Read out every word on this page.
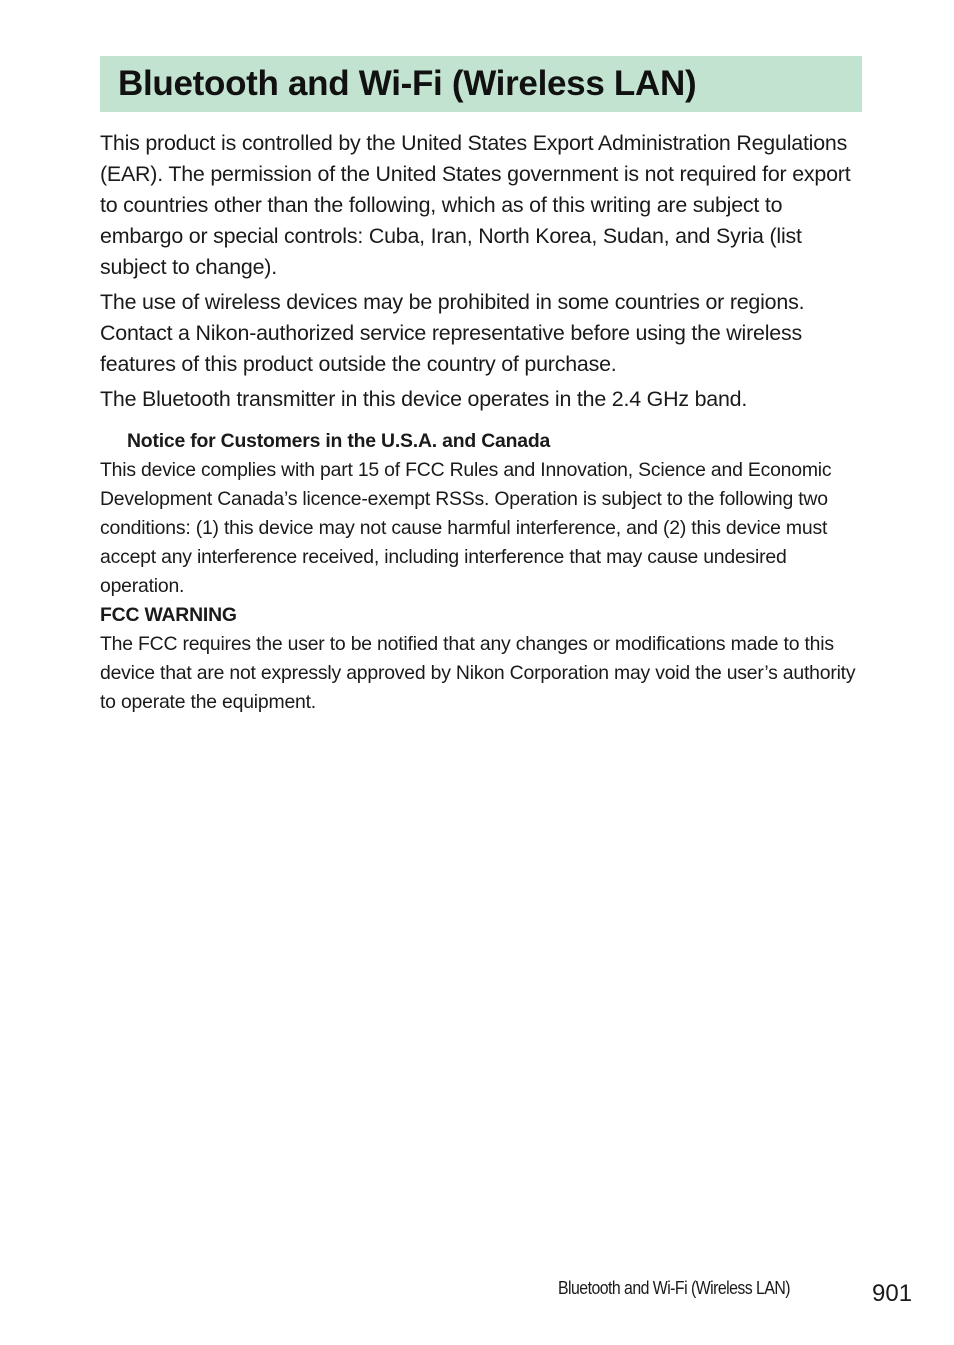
Bluetooth and Wi-Fi (Wireless LAN)

This product is controlled by the United States Export Administration Regulations (EAR). The permission of the United States government is not required for export to countries other than the following, which as of this writing are subject to embargo or special controls: Cuba, Iran, North Korea, Sudan, and Syria (list subject to change).

The use of wireless devices may be prohibited in some countries or regions. Contact a Nikon-authorized service representative before using the wireless features of this product outside the country of purchase.

The Bluetooth transmitter in this device operates in the 2.4 GHz band.

Notice for Customers in the U.S.A. and Canada

This device complies with part 15 of FCC Rules and Innovation, Science and Economic Development Canada’s licence-exempt RSSs. Operation is subject to the following two conditions: (1) this device may not cause harmful interference, and (2) this device must accept any interference received, including interference that may cause undesired operation.

FCC WARNING

The FCC requires the user to be notified that any changes or modifications made to this device that are not expressly approved by Nikon Corporation may void the user’s authority to operate the equipment.

Bluetooth and Wi-Fi (Wireless LAN)	901
